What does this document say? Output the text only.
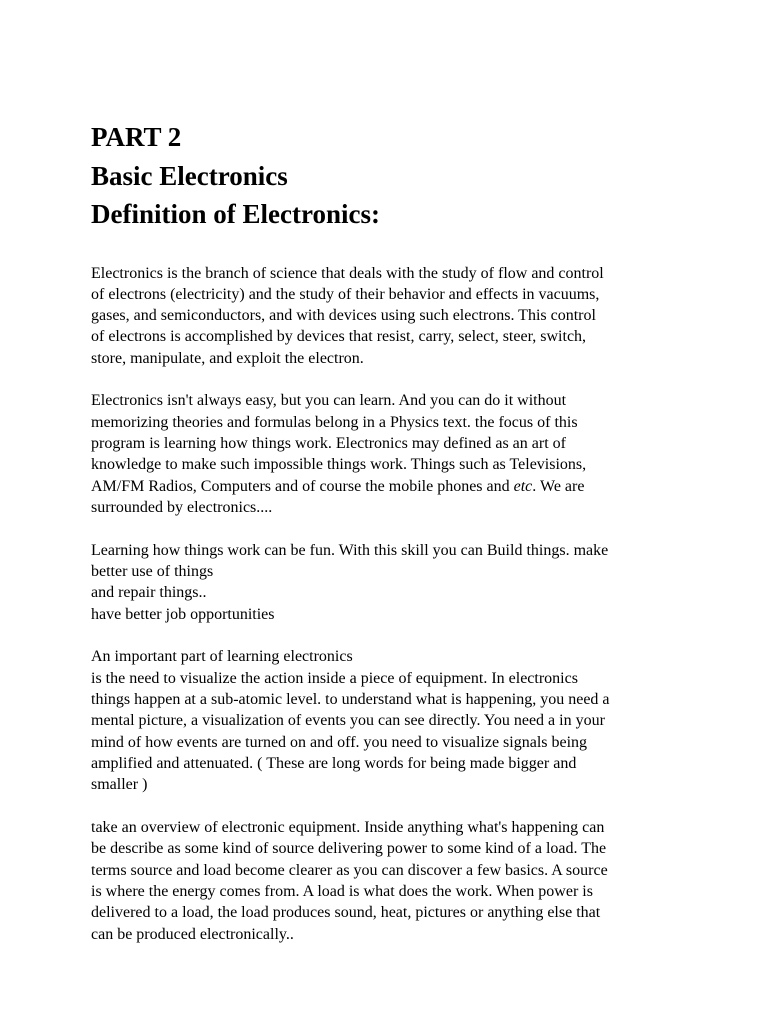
PART 2
Basic Electronics
Definition of Electronics:

Electronics is the branch of science that deals with the study of flow and control
of electrons (electricity) and the study of their behavior and effects in vacuums,
gases, and semiconductors, and with devices using such electrons. This control
of electrons is accomplished by devices that resist, carry, select, steer, switch,
store, manipulate, and exploit the electron.

Electronics isn't always easy, but you can learn. And you can do it without
memorizing theories and formulas belong in a Physics text. the focus of this
program is learning how things work. Electronics may defined as an art of
knowledge to make such impossible things work. Things such as Televisions,
AM/FM Radios, Computers and of course the mobile phones and etc. We are
surrounded by electronics....

Learning how things work can be fun. With this skill you can Build things. make
better use of things
and repair things..
have better job opportunities

An important part of learning electronics
is the need to visualize the action inside a piece of equipment. In electronics
things happen at a sub-atomic level. to understand what is happening, you need a
mental picture, a visualization of events you can see directly. You need a in your
mind of how events are turned on and off. you need to visualize signals being
amplified and attenuated. ( These are long words for being made bigger and
smaller )

take an overview of electronic equipment. Inside anything what's happening can
be describe as some kind of source delivering power to some kind of a load. The
terms source and load become clearer as you can discover a few basics. A source
is where the energy comes from. A load is what does the work. When power is
delivered to a load, the load produces sound, heat, pictures or anything else that
can be produced electronically..
